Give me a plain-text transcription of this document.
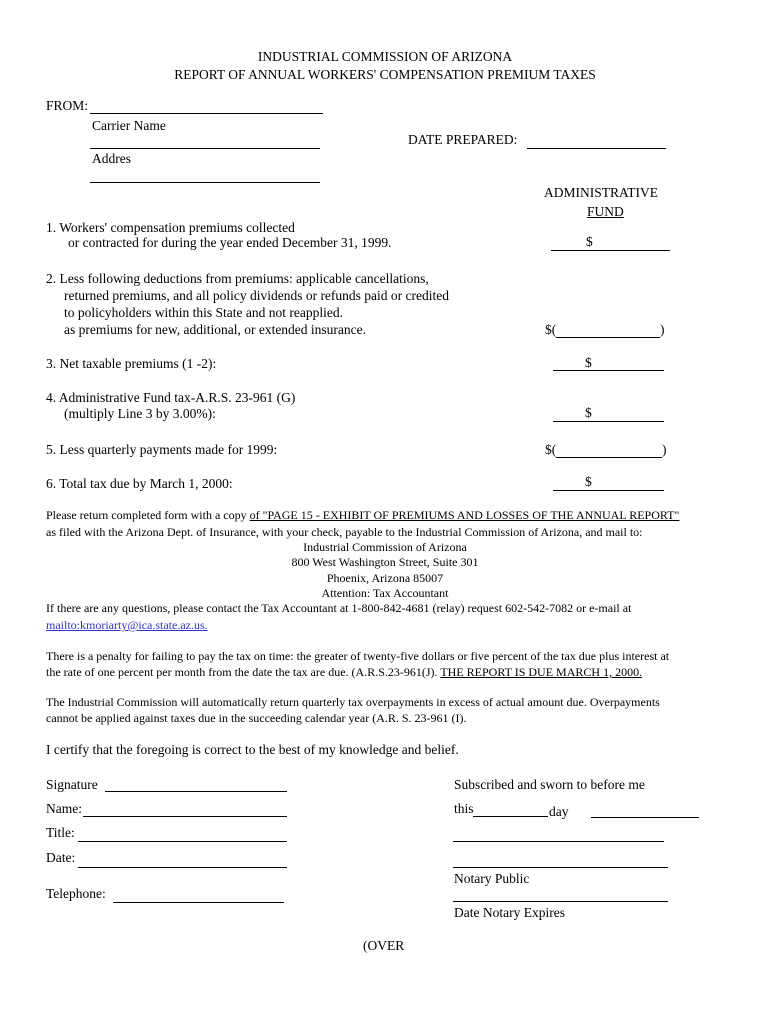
INDUSTRIAL COMMISSION OF ARIZONA
REPORT OF ANNUAL WORKERS' COMPENSATION PREMIUM TAXES
FROM:
Carrier Name
Addres
DATE PREPARED:
ADMINISTRATIVE
FUND
1. Workers' compensation premiums collected
or contracted for during the year ended December 31, 1999.	$
2. Less following deductions from premiums: applicable cancellations,
returned premiums, and all policy dividends or refunds paid or credited
to policyholders within this State and not reapplied.
as premiums for new, additional, or extended insurance.	$(	)
3. Net taxable premiums (1 -2):	$
4. Administrative Fund tax-A.R.S. 23-961 (G)
(multiply Line 3 by 3.00%):	$
5. Less quarterly payments made for 1999:	$(	)
6. Total tax due by March 1, 2000:	$
Please return completed form with a copy of "PAGE 15 - EXHIBIT OF PREMIUMS AND LOSSES OF THE ANNUAL REPORT"
as filed with the Arizona Dept. of Insurance, with your check, payable to the Industrial Commission of Arizona, and mail to:
Industrial Commission of Arizona
800 West Washington Street, Suite 301
Phoenix, Arizona 85007
Attention: Tax Accountant
If there are any questions, please contact the Tax Accountant at 1-800-842-4681 (relay) request 602-542-7082 or e-mail at
mailto:kmoriarty@ica.state.az.us.
There is a penalty for failing to pay the tax on time: the greater of twenty-five dollars or five percent of the tax due plus interest at
the rate of one percent per month from the date the tax are due. (A.R.S.23-961(J). THE REPORT IS DUE MARCH 1, 2000.
The Industrial Commission will automatically return quarterly tax overpayments in excess of actual amount due. Overpayments
cannot be applied against taxes due in the succeeding calendar year (A.R. S. 23-961 (I).
I certify that the foregoing is correct to the best of my knowledge and belief.
Signature
Name:
Title:
Date:
Telephone:
Subscribed and sworn to before me
this	day
Notary Public
Date Notary Expires
(OVER
